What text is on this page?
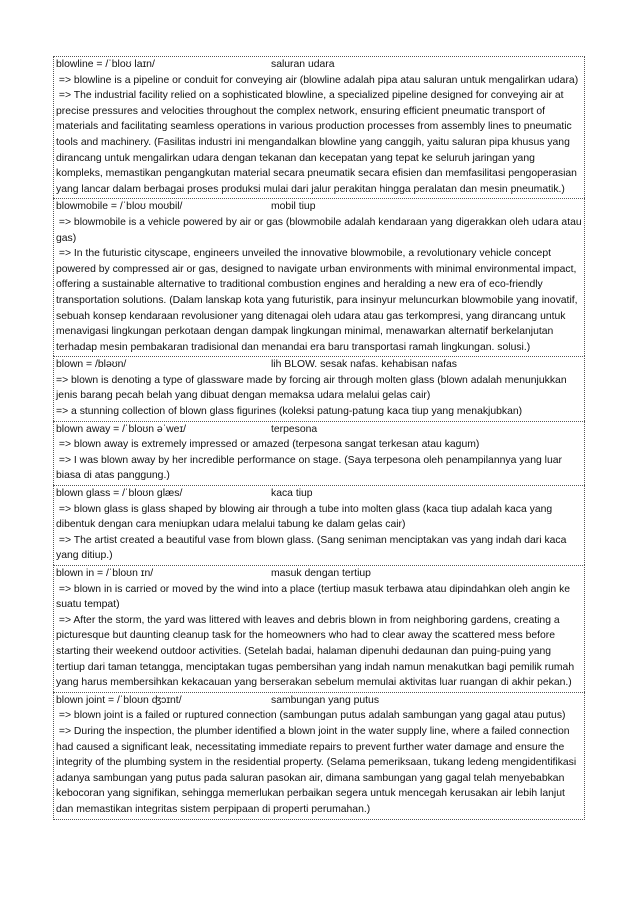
blowline = /ˈbloʊ laɪn/	saluran udara

=> blowline is a pipeline or conduit for conveying air (blowline adalah pipa atau saluran untuk mengalirkan udara)

=> The industrial facility relied on a sophisticated blowline, a specialized pipeline designed for conveying air at precise pressures and velocities throughout the complex network, ensuring efficient pneumatic transport of materials and facilitating seamless operations in various production processes from assembly lines to pneumatic tools and machinery. (Fasilitas industri ini mengandalkan blowline yang canggih, yaitu saluran pipa khusus yang dirancang untuk mengalirkan udara dengan tekanan dan kecepatan yang tepat ke seluruh jaringan yang kompleks, memastikan pengangkutan material secara pneumatik secara efisien dan memfasilitasi pengoperasian yang lancar dalam berbagai proses produksi mulai dari jalur perakitan hingga peralatan dan mesin pneumatik.)

blowmobile = /ˈbloʊ moʊbil/	mobil tiup

=> blowmobile is a vehicle powered by air or gas (blowmobile adalah kendaraan yang digerakkan oleh udara atau gas)

=> In the futuristic cityscape, engineers unveiled the innovative blowmobile, a revolutionary vehicle concept powered by compressed air or gas, designed to navigate urban environments with minimal environmental impact, offering a sustainable alternative to traditional combustion engines and heralding a new era of eco-friendly transportation solutions. (Dalam lanskap kota yang futuristik, para insinyur meluncurkan blowmobile yang inovatif, sebuah konsep kendaraan revolusioner yang ditenagai oleh udara atau gas terkompresi, yang dirancang untuk menavigasi lingkungan perkotaan dengan dampak lingkungan minimal, menawarkan alternatif berkelanjutan terhadap mesin pembakaran tradisional dan menandai era baru transportasi ramah lingkungan. solusi.)

blown = /bləʊn/	lih BLOW. sesak nafas. kehabisan nafas

=> blown is denoting a type of glassware made by forcing air through molten glass (blown adalah menunjukkan jenis barang pecah belah yang dibuat dengan memaksa udara melalui gelas cair)

=> a stunning collection of blown glass figurines (koleksi patung-patung kaca tiup yang menakjubkan)

blown away = /ˈbloʊn əˈweɪ/	terpesona

=> blown away is extremely impressed or amazed (terpesona sangat terkesan atau kagum)

=> I was blown away by her incredible performance on stage. (Saya terpesona oleh penampilannya yang luar biasa di atas panggung.)

blown glass = /ˈbloʊn glæs/	kaca tiup

=> blown glass is glass shaped by blowing air through a tube into molten glass (kaca tiup adalah kaca yang dibentuk dengan cara meniupkan udara melalui tabung ke dalam gelas cair)

=> The artist created a beautiful vase from blown glass. (Sang seniman menciptakan vas yang indah dari kaca yang ditiup.)

blown in = /ˈbloʊn ɪn/	masuk dengan tertiup

=> blown in is carried or moved by the wind into a place (tertiup masuk terbawa atau dipindahkan oleh angin ke suatu tempat)

=> After the storm, the yard was littered with leaves and debris blown in from neighboring gardens, creating a picturesque but daunting cleanup task for the homeowners who had to clear away the scattered mess before starting their weekend outdoor activities. (Setelah badai, halaman dipenuhi dedaunan dan puing-puing yang tertiup dari taman tetangga, menciptakan tugas pembersihan yang indah namun menakutkan bagi pemilik rumah yang harus membersihkan kekacauan yang berserakan sebelum memulai aktivitas luar ruangan di akhir pekan.)

blown joint = /ˈbloʊn ʤɔɪnt/	sambungan yang putus

=> blown joint is a failed or ruptured connection (sambungan putus adalah sambungan yang gagal atau putus)

=> During the inspection, the plumber identified a blown joint in the water supply line, where a failed connection had caused a significant leak, necessitating immediate repairs to prevent further water damage and ensure the integrity of the plumbing system in the residential property. (Selama pemeriksaan, tukang ledeng mengidentifikasi adanya sambungan yang putus pada saluran pasokan air, dimana sambungan yang gagal telah menyebabkan kebocoran yang signifikan, sehingga memerlukan perbaikan segera untuk mencegah kerusakan air lebih lanjut dan memastikan integritas sistem perpipaan di properti perumahan.)
